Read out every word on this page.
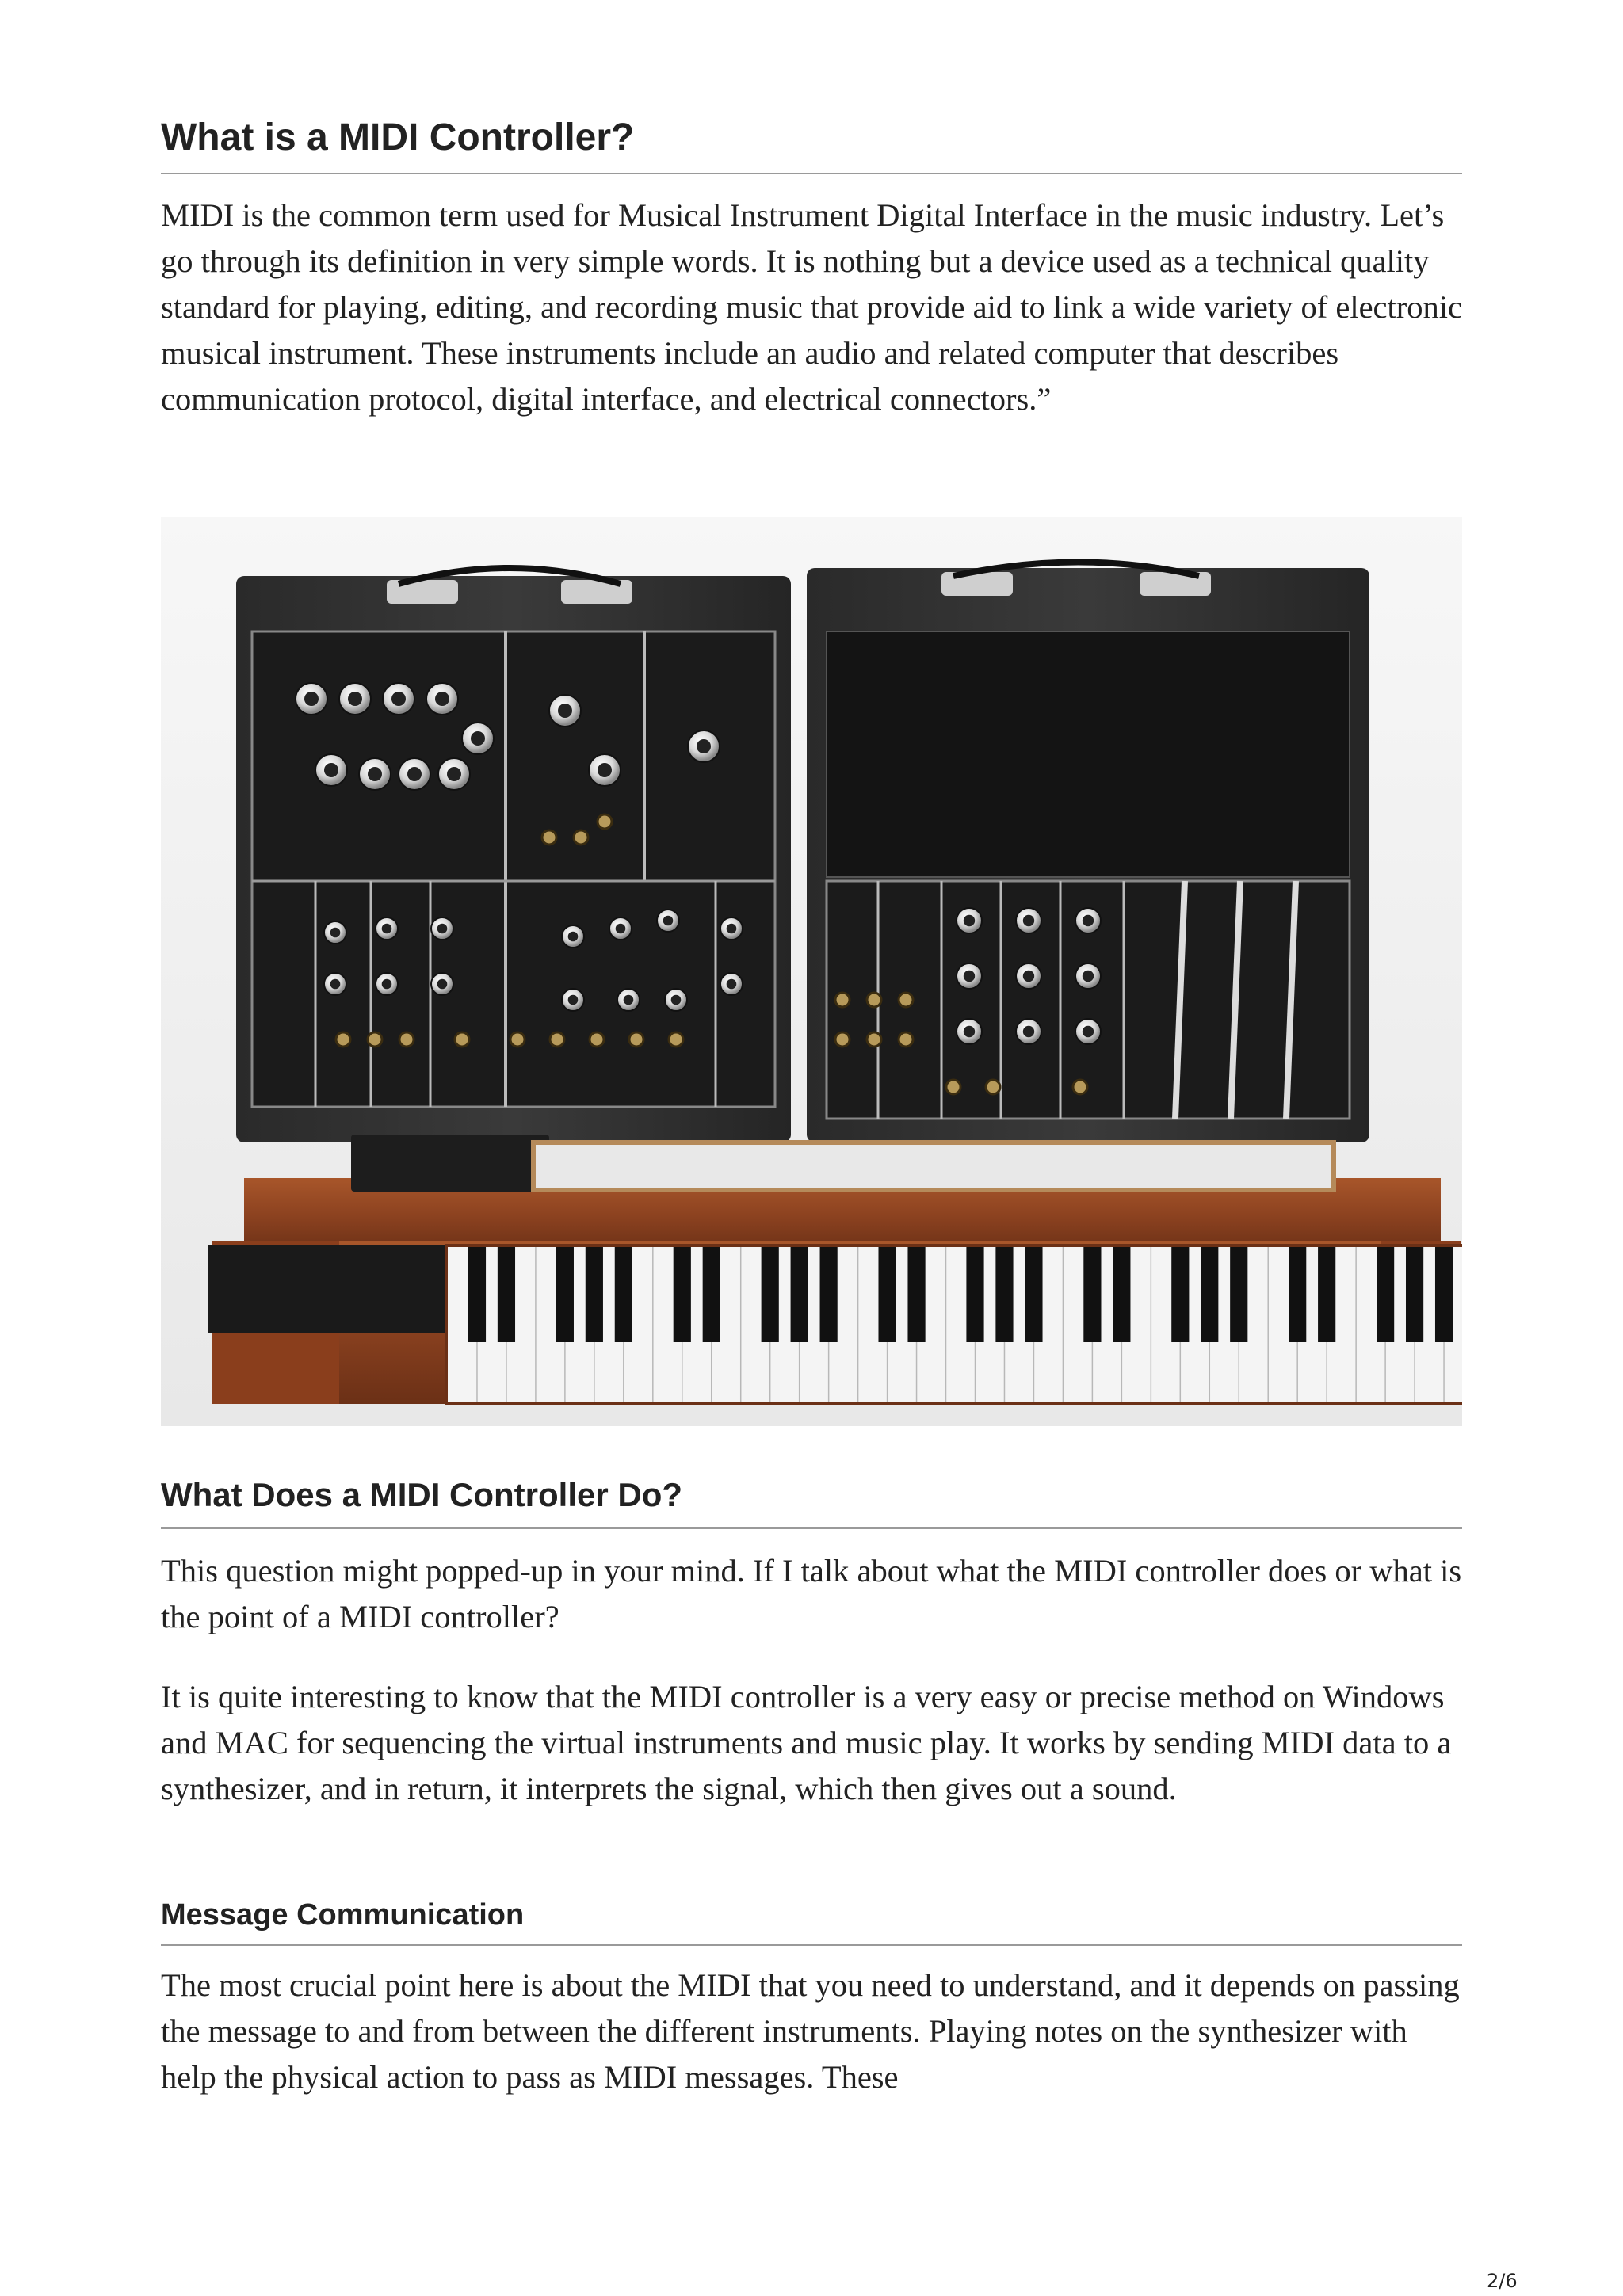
What is a MIDI Controller?

MIDI is the common term used for Musical Instrument Digital Interface in the music industry. Let’s go through its definition in very simple words. It is nothing but a device used as a technical quality standard for playing, editing, and recording music that provide aid to link a wide variety of electronic musical instrument. These instruments include an audio and related computer that describes communication protocol, digital interface, and electrical connectors.”

What Does a MIDI Controller Do?

This question might popped-up in your mind. If I talk about what the MIDI controller does or what is the point of a MIDI controller?

It is quite interesting to know that the MIDI controller is a very easy or precise method on Windows and MAC for sequencing the virtual instruments and music play. It works by sending MIDI data to a synthesizer, and in return, it interprets the signal, which then gives out a sound.

Message Communication

The most crucial point here is about the MIDI that you need to understand, and it depends on passing the message to and from between the different instruments. Playing notes on the synthesizer with help the physical action to pass as MIDI messages. These

2/6
